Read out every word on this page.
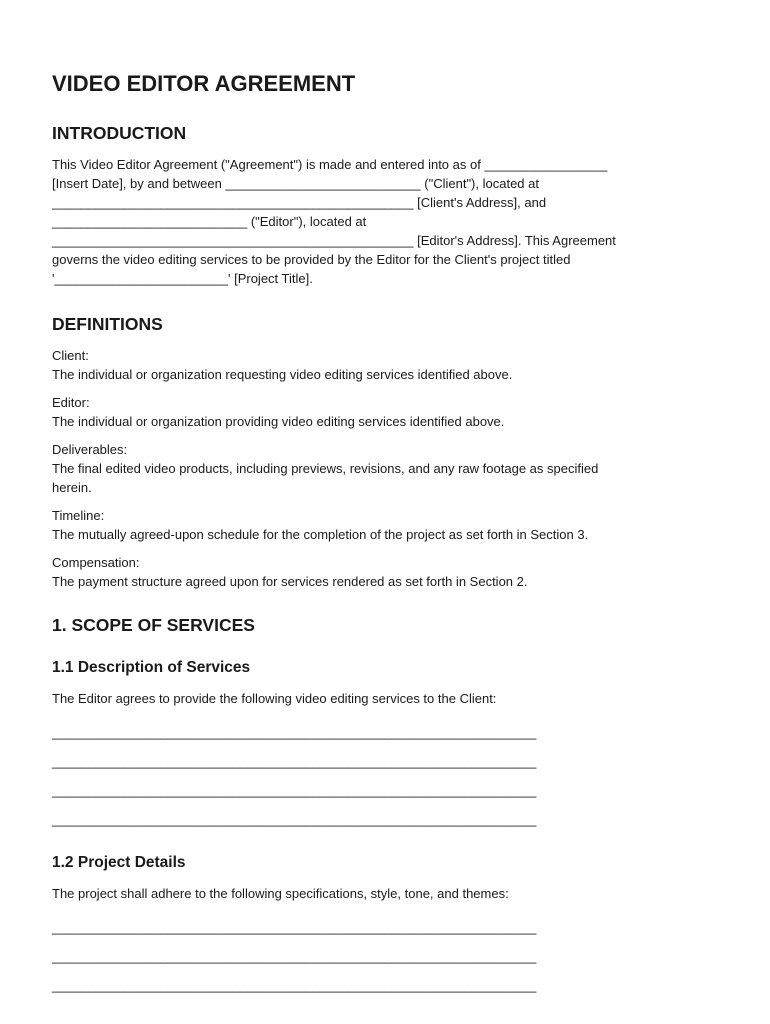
VIDEO EDITOR AGREEMENT
INTRODUCTION
This Video Editor Agreement ("Agreement") is made and entered into as of _________________
[Insert Date], by and between ___________________________ ("Client"), located at
__________________________________________________ [Client's Address], and
___________________________ ("Editor"), located at
__________________________________________________ [Editor's Address]. This Agreement
governs the video editing services to be provided by the Editor for the Client's project titled
'________________________' [Project Title].
DEFINITIONS
Client:
The individual or organization requesting video editing services identified above.
Editor:
The individual or organization providing video editing services identified above.
Deliverables:
The final edited video products, including previews, revisions, and any raw footage as specified
herein.
Timeline:
The mutually agreed-upon schedule for the completion of the project as set forth in Section 3.
Compensation:
The payment structure agreed upon for services rendered as set forth in Section 2.
1. SCOPE OF SERVICES
1.1 Description of Services

The Editor agrees to provide the following video editing services to the Client:

___________________________________________________________________
___________________________________________________________________
___________________________________________________________________
___________________________________________________________________
1.2 Project Details

The project shall adhere to the following specifications, style, tone, and themes:

___________________________________________________________________
___________________________________________________________________
___________________________________________________________________
